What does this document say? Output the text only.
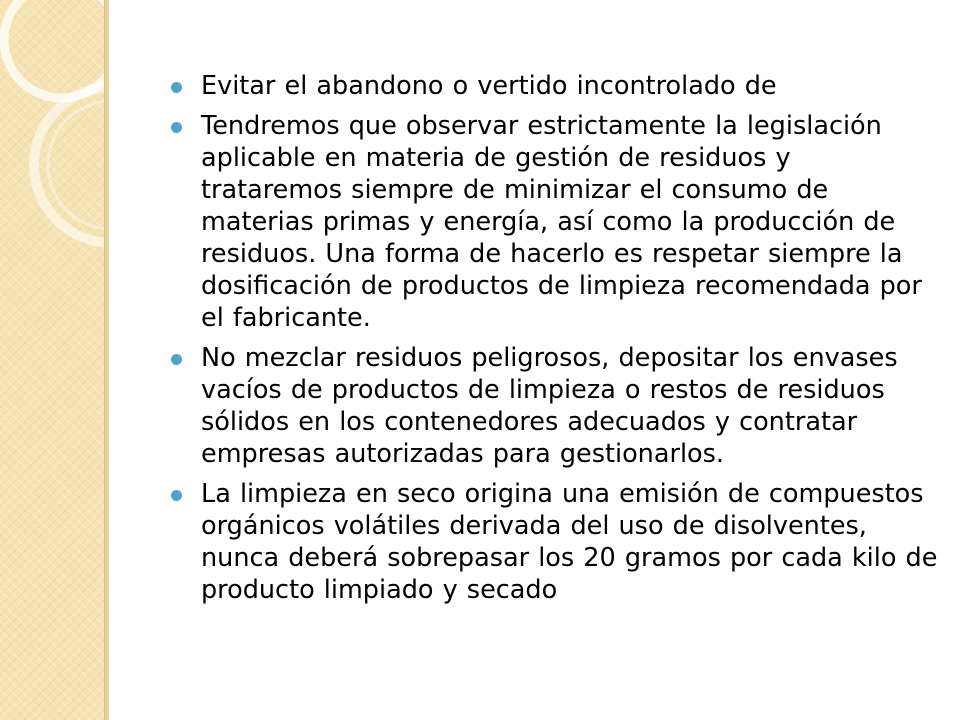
Evitar el abandono o vertido incontrolado de
Tendremos que observar estrictamente la legislación aplicable en materia de gestión de residuos y trataremos siempre de minimizar el consumo de materias primas y energía, así como la producción de residuos. Una forma de hacerlo es respetar siempre la dosificación de productos de limpieza recomendada por el fabricante.
No mezclar residuos peligrosos, depositar los envases vacíos de productos de limpieza o restos de residuos sólidos en los contenedores adecuados y contratar empresas autorizadas para gestionarlos.
La limpieza en seco origina una emisión de compuestos orgánicos volátiles derivada del uso de disolventes, nunca deberá sobrepasar los 20 gramos por cada kilo de producto limpiado y secado
